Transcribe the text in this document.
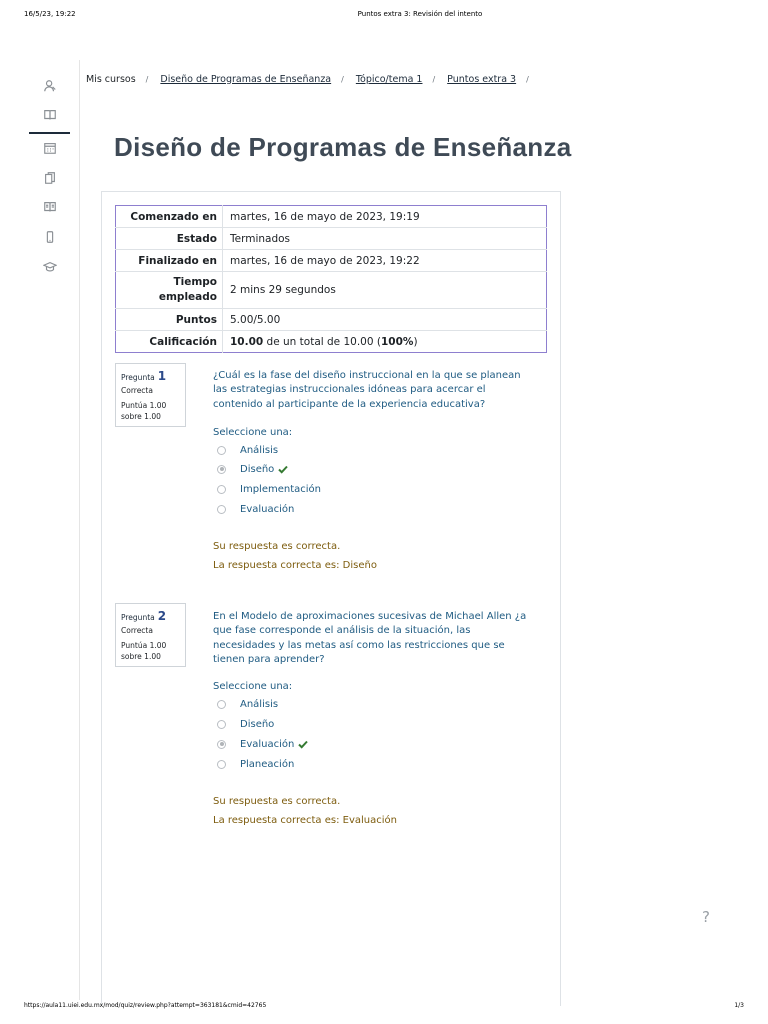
16/5/23, 19:22	Puntos extra 3: Revisión del intento
Mis cursos / Diseño de Programas de Enseñanza / Tópico/tema 1 / Puntos extra 3 /
Diseño de Programas de Enseñanza
Comenzado en	martes, 16 de mayo de 2023, 19:19
Estado	Terminados
Finalizado en	martes, 16 de mayo de 2023, 19:22
Tiempo
empleado	2 mins 29 segundos
Puntos	5.00/5.00
Calificación	10.00 de un total de 10.00 (100%)
Pregunta 1
Correcta
Puntúa 1.00
sobre 1.00
¿Cuál es la fase del diseño instruccional en la que se planean las estrategias instruccionales idóneas para acercar el contenido al participante de la experiencia educativa?
Seleccione una:
Análisis
Diseño
Implementación
Evaluación
Su respuesta es correcta.
La respuesta correcta es: Diseño
Pregunta 2
Correcta
Puntúa 1.00
sobre 1.00
En el Modelo de aproximaciones sucesivas de Michael Allen ¿a que fase corresponde el análisis de la situación, las necesidades y las metas así como las restricciones que se tienen para aprender?
Seleccione una:
Análisis
Diseño
Evaluación
Planeación
Su respuesta es correcta.
La respuesta correcta es: Evaluación
?
https://aula11.uiei.edu.mx/mod/quiz/review.php?attempt=363181&cmid=42765	1/3
